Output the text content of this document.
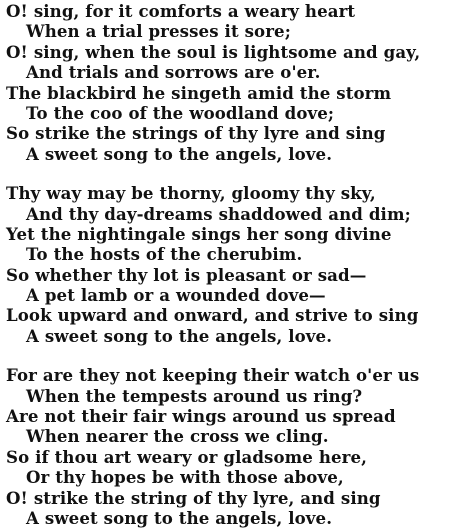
O! sing, for it comforts a weary heart
When a trial presses it sore;
O! sing, when the soul is lightsome and gay,
And trials and sorrows are o'er.
The blackbird he singeth amid the storm
To the coo of the woodland dove;
So strike the strings of thy lyre and sing
A sweet song to the angels, love.
Thy way may be thorny, gloomy thy sky,
And thy day-dreams shaddowed and dim;
Yet the nightingale sings her song divine
To the hosts of the cherubim.
So whether thy lot is pleasant or sad—
A pet lamb or a wounded dove—
Look upward and onward, and strive to sing
A sweet song to the angels, love.
For are they not keeping their watch o'er us
When the tempests around us ring?
Are not their fair wings around us spread
When nearer the cross we cling.
So if thou art weary or gladsome here,
Or thy hopes be with those above,
O! strike the string of thy lyre, and sing
A sweet song to the angels, love.
